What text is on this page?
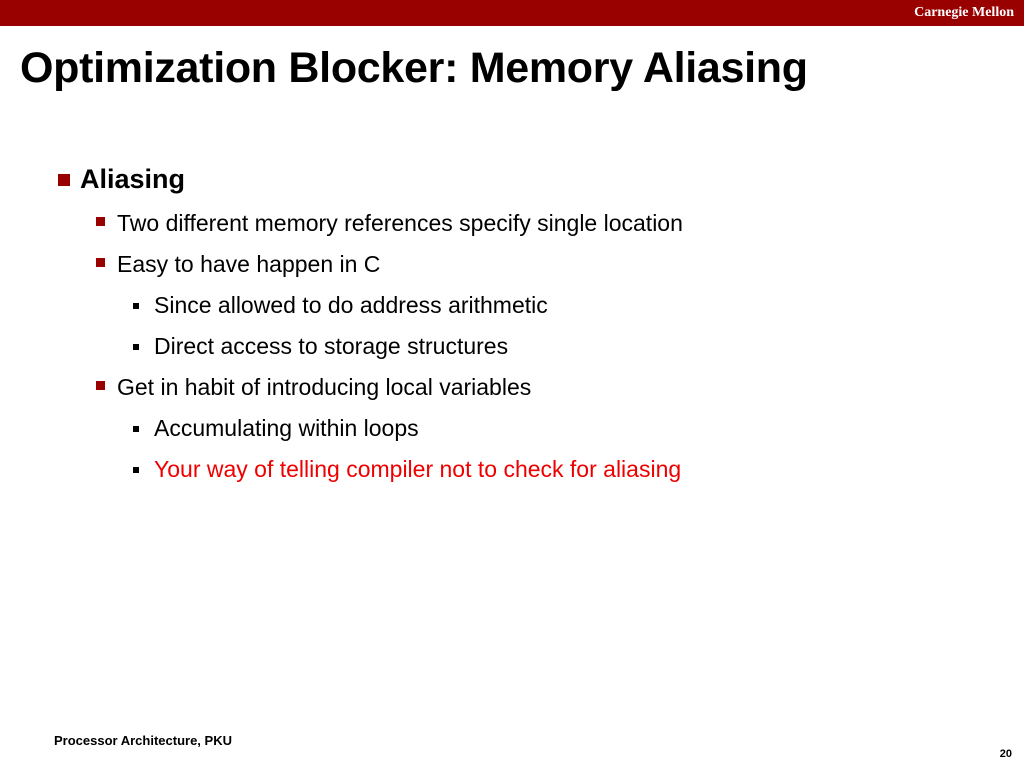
Carnegie Mellon
Optimization Blocker: Memory Aliasing
Aliasing
Two different memory references specify single location
Easy to have happen in C
Since allowed to do address arithmetic
Direct access to storage structures
Get in habit of introducing local variables
Accumulating within loops
Your way of telling compiler not to check for aliasing
Processor Architecture, PKU
20
